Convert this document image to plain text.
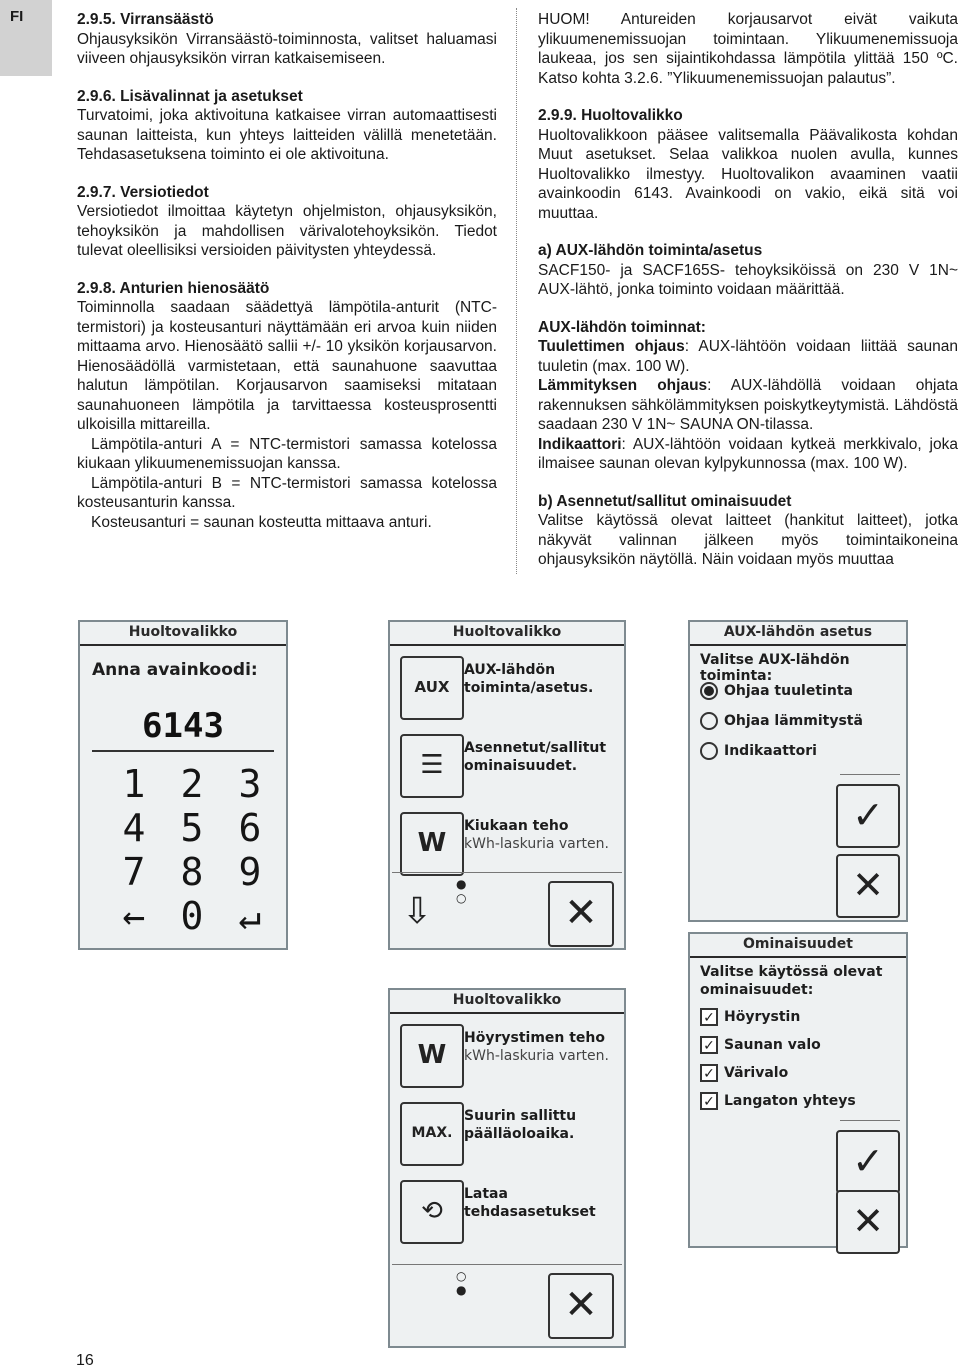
FI	2.9.5. Virransäästö

Ohjausyksikön Virransäästö-toiminnosta, valitset haluamasi viiveen ohjausyksikön virran katkaisemiseen.

2.9.6. Lisävalinnat ja asetukset

Turvatoimi, joka aktivoituna katkaisee virran automaattisesti saunan laitteista, kun yhteys laitteiden välillä menetetään. Tehdasasetuksena toiminto ei ole aktivoituna.

2.9.7. Versiotiedot

Versiotiedot ilmoittaa käytetyn ohjelmiston, ohjausyksikön, tehoyksikön ja mahdollisen värivalotehoyksikön. Tiedot tulevat oleellisiksi versioiden päivitysten yhteydessä.

2.9.8. Anturien hienosäätö

Toiminnolla saadaan säädettyä lämpötila-anturit (NTC-termistori) ja kosteusanturi näyttämään eri arvoa kuin niiden mittaama arvo. Hienosäätö sallii +/- 10 yksikön korjausarvon. Hienosäädöllä varmistetaan, että saunahuone saavuttaa halutun lämpötilan. Korjausarvon saamiseksi mitataan saunahuoneen lämpötila ja tarvittaessa kosteusprosentti ulkoisilla mittareilla.

Lämpötila-anturi A = NTC-termistori samassa kotelossa kiukaan ylikuumenemissuojan kanssa.
Lämpötila-anturi B = NTC-termistori samassa kotelossa kosteusanturin kanssa.
Kosteusanturi = saunan kosteutta mittaava anturi.

HUOM! Antureiden korjausarvot eivät vaikuta ylikuumenemissuojan toimintaan. Ylikuumenemissuoja laukeaa, jos sen sijaintikohdassa lämpötila ylittää 150 ºC. Katso kohta 3.2.6. ”Ylikuumenemissuojan palautus”.

2.9.9. Huoltovalikko

Huoltovalikkoon pääsee valitsemalla Päävalikosta kohdan Muut asetukset. Selaa valikkoa nuolen avulla, kunnes Huoltovalikko ilmestyy. Huoltovalikon avaaminen vaatii avainkoodin 6143. Avainkoodi on vakio, eikä sitä voi muuttaa.

a) AUX-lähdön toiminta/asetus

SACF150- ja SACF165S- tehoyksiköissä on 230 V 1N~ AUX-lähtö, jonka toiminto voidaan määrittää.

AUX-lähdön toiminnat:

Tuulettimen ohjaus: AUX-lähtöön voidaan liittää saunan tuuletin (max. 100 W).

Lämmityksen ohjaus: AUX-lähdöllä voidaan ohjata rakennuksen sähkölämmityksen poiskytkeytymistä. Lähdöstä saadaan 230 V 1N~ SAUNA ON-tilassa.

Indikaattori: AUX-lähtöön voidaan kytkeä merkkivalo, joka ilmaisee saunan olevan kylpykunnossa (max. 100 W).

b) Asennetut/sallitut ominaisuudet

Valitse käytössä olevat laitteet (hankitut laitteet), jotka näkyvät valinnan jälkeen myös toimintaikoneina ohjausyksikön näytöllä. Näin voidaan myös muuttaa

Huoltovalikko
Anna avainkoodi:
6143
1 2 3
4 5 6
7 8 9
← 0 ↵
Huoltovalikko
AUX
AUX-lähdön
toiminta/asetus.
☰
Asennetut/sallitut
ominaisuudet.
W
Kiukaan teho
kWh-laskuria varten.
⇩
●
○	✕
Huoltovalikko
W
Höyrystimen teho
kWh-laskuria varten.
MAX.
Suurin sallittu
päälläoloaika.
⟲
Lataa
tehdasasetukset
○
●	✕
AUX-lähdön asetus
Valitse AUX-lähdön toiminta:
Ohjaa tuuletinta
Ohjaa lämmitystä
Indikaattori
✓
✕
Ominaisuudet
Valitse käytössä olevat
ominaisuudet:
✓ Höyrystin
✓ Saunan valo
✓ Värivalo
✓ Langaton yhteys
✓
✕
16
